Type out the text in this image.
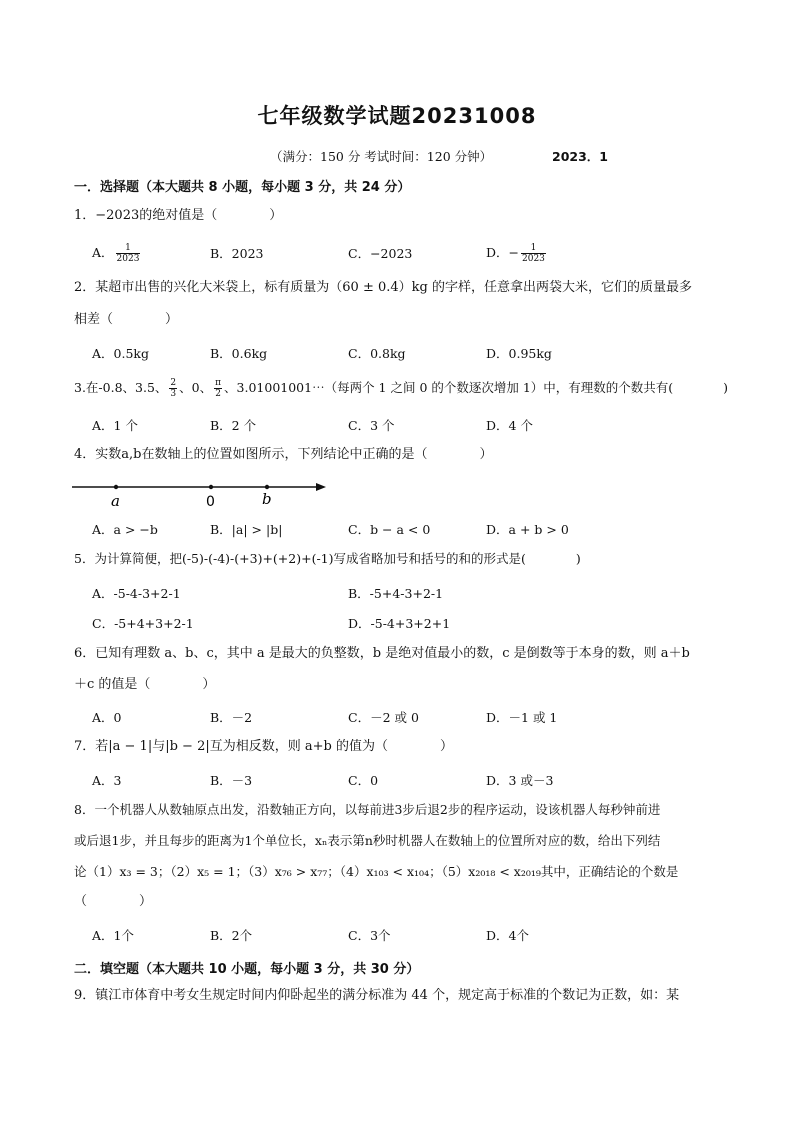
七年级数学试题20231008
（满分：150 分 考试时间：120 分钟）	2023．1
一．选择题（本大题共 8 小题，每小题 3 分，共 24 分）
1．−2023的绝对值是（　　　　）
A． $\frac{1}{2023}$	B．2023	C．−2023	D．− $\frac{1}{2023}$
2．某超市出售的兴化大米袋上，标有质量为（60 ± 0.4）kg 的字样，任意拿出两袋大米，它们的质量最多
相差（　　　　）
A．0.5kg	B．0.6kg	C．0.8kg	D．0.95kg
3.在-0.8、3.5、 $\frac{2}{3}$ 、0、 $\frac{\pi}{2}$ 、3.01001001⋯（每两个 1 之间 0 的个数逐次增加 1）中，有理数的个数共有(　　　　)
A．1 个	B．2 个	C．3 个	D．4 个
4．实数a,b在数轴上的位置如图所示，下列结论中正确的是（　　　　）
a	0	b
A．a > −b	B．|a| > |b|	C．b − a < 0	D．a + b > 0
5．为计算简便，把(-5)-(-4)-(+3)+(+2)+(-1)写成省略加号和括号的和的形式是(　　　　)
A．-5-4-3+2-1	B．-5+4-3+2-1
C．-5+4+3+2-1	D．-5-4+3+2+1
6．已知有理数 a、b、c，其中 a 是最大的负整数，b 是绝对值最小的数，c 是倒数等于本身的数，则 a＋b
＋c 的值是（　　　　）
A．0	B．－2	C．－2 或 0	D．－1 或 1
7．若|a − 1|与|b − 2|互为相反数，则 a+b 的值为（　　　　）
A．3	B．－3	C．0	D．3 或－3
8．一个机器人从数轴原点出发，沿数轴正方向，以每前进3步后退2步的程序运动，设该机器人每秒钟前进
或后退1步，并且每步的距离为1个单位长，xₙ表示第n秒时机器人在数轴上的位置所对应的数，给出下列结
论（1）x₃ = 3；（2）x₅ = 1；（3）x₇₆ > x₇₇；（4）x₁₀₃ < x₁₀₄；（5）x₂₀₁₈ < x₂₀₁₉其中，正确结论的个数是
（　　　　）
A．1个	B．2个	C．3个	D．4个
二．填空题（本大题共 10 小题，每小题 3 分，共 30 分）
9．镇江市体育中考女生规定时间内仰卧起坐的满分标准为 44 个，规定高于标准的个数记为正数，如：某
